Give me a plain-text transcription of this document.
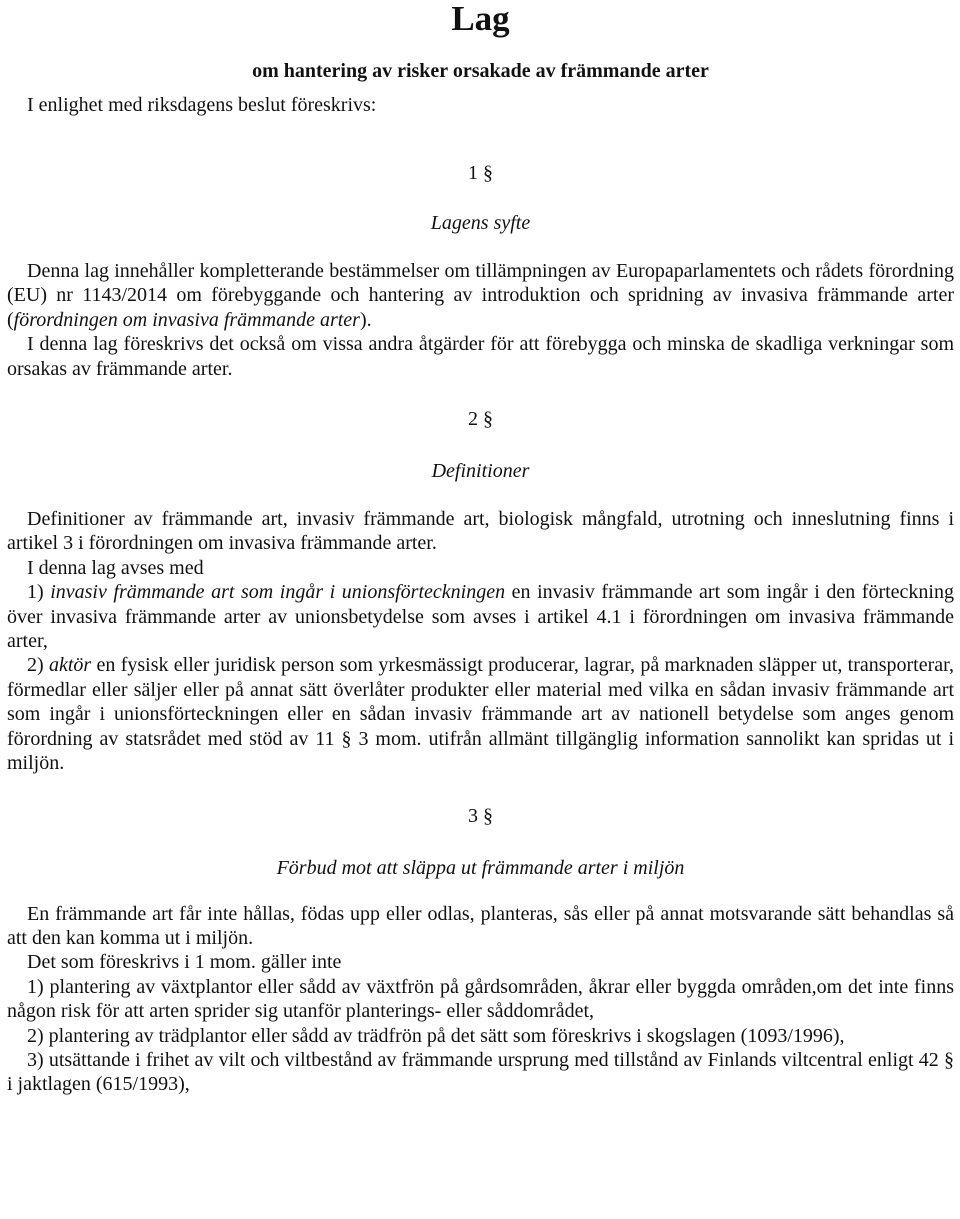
Lag
om hantering av risker orsakade av främmande arter
I enlighet med riksdagens beslut föreskrivs:
1 §
Lagens syfte

Denna lag innehåller kompletterande bestämmelser om tillämpningen av Europaparlamentets och rådets förordning (EU) nr 1143/2014 om förebyggande och hantering av introduktion och spridning av invasiva främmande arter (förordningen om invasiva främmande arter).

I denna lag föreskrivs det också om vissa andra åtgärder för att förebygga och minska de skadliga verkningar som orsakas av främmande arter.

2 §
Definitioner

Definitioner av främmande art, invasiv främmande art, biologisk mångfald, utrotning och inneslutning finns i artikel 3 i förordningen om invasiva främmande arter.

I denna lag avses med

1) invasiv främmande art som ingår i unionsförteckningen en invasiv främmande art som ingår i den förteckning över invasiva främmande arter av unionsbetydelse som avses i artikel 4.1 i förordningen om invasiva främmande arter,

2) aktör en fysisk eller juridisk person som yrkesmässigt producerar, lagrar, på marknaden släpper ut, transporterar, förmedlar eller säljer eller på annat sätt överlåter produkter eller material med vilka en sådan invasiv främmande art som ingår i unionsförteckningen eller en sådan invasiv främmande art av nationell betydelse som anges genom förordning av statsrådet med stöd av 11 § 3 mom. utifrån allmänt tillgänglig information sannolikt kan spridas ut i miljön.

3 §
Förbud mot att släppa ut främmande arter i miljön

En främmande art får inte hållas, födas upp eller odlas, planteras, sås eller på annat motsvarande sätt behandlas så att den kan komma ut i miljön.

Det som föreskrivs i 1 mom. gäller inte

1) plantering av växtplantor eller sådd av växtfrön på gårdsområden, åkrar eller byggda områden,om det inte finns någon risk för att arten sprider sig utanför planterings- eller såddområdet,

2) plantering av trädplantor eller sådd av trädfrön på det sätt som föreskrivs i skogslagen (1093/1996),

3) utsättande i frihet av vilt och viltbestånd av främmande ursprung med tillstånd av Finlands viltcentral enligt 42 § i jaktlagen (615/1993),
